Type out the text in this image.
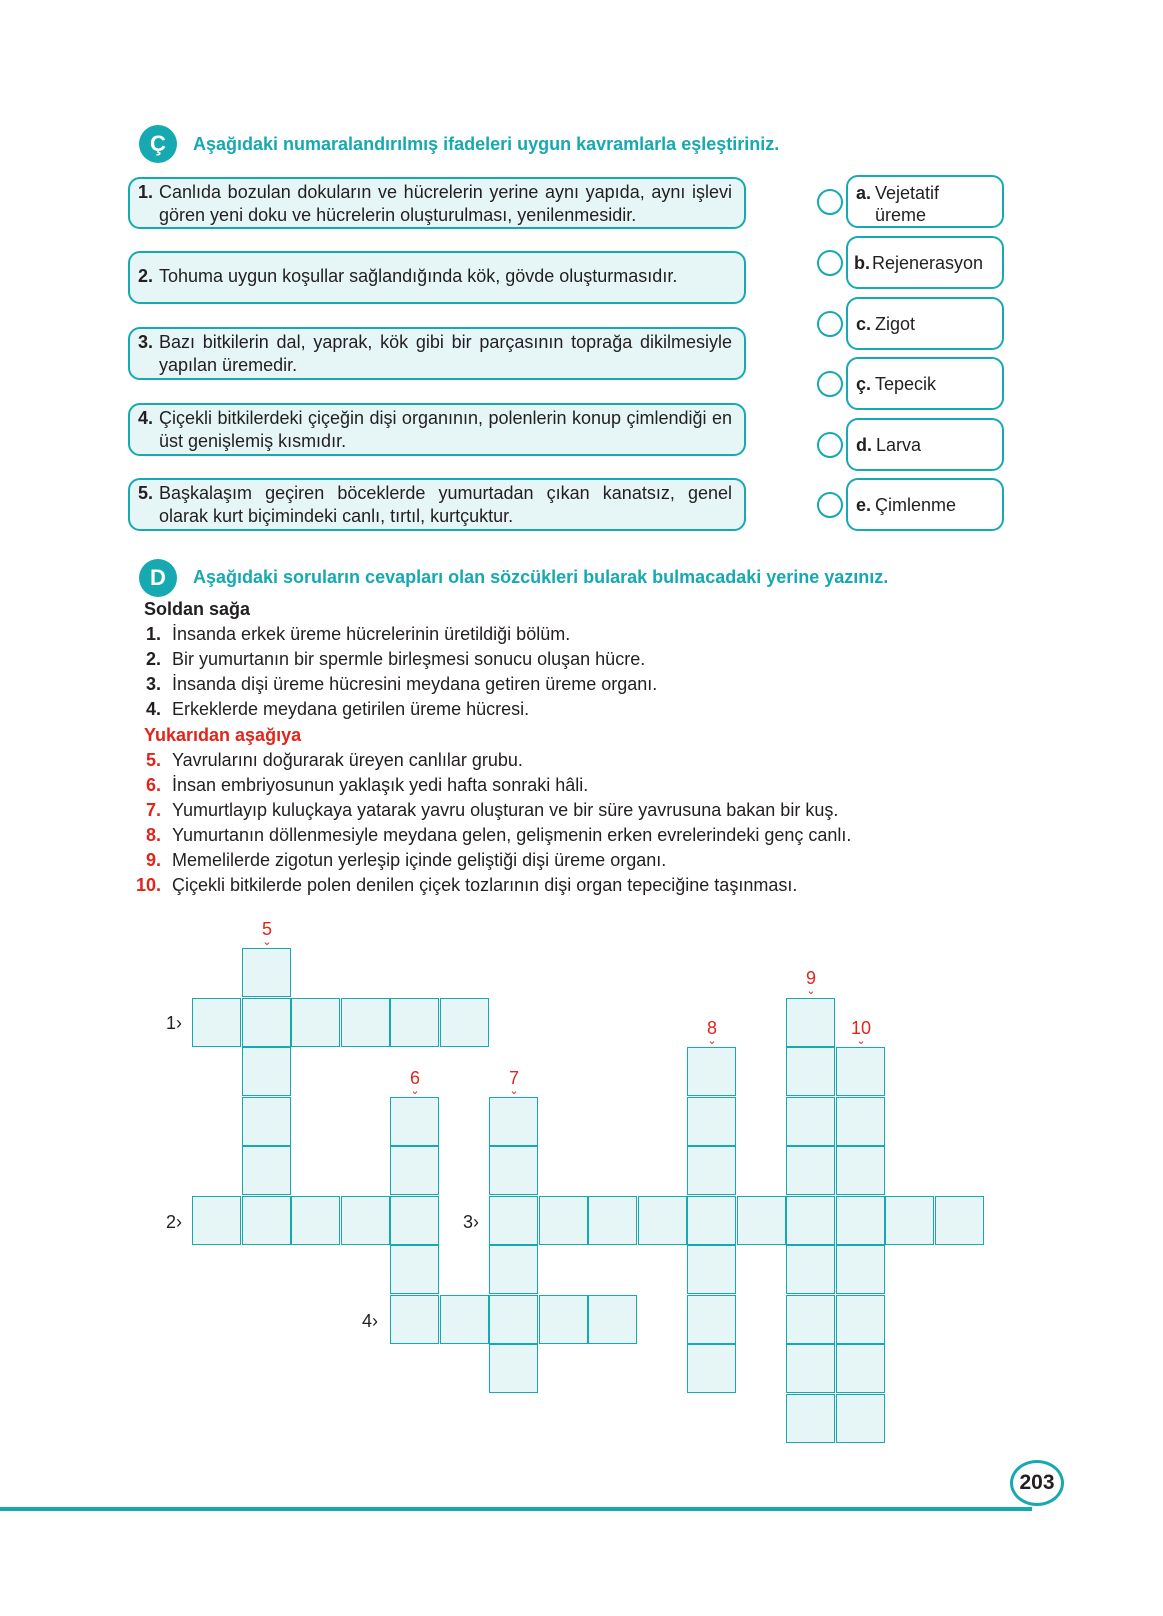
Ç	Aşağıdaki numaralandırılmış ifadeleri uygun kavramlarla eşleştiriniz.
1. Canlıda bozulan dokuların ve hücrelerin yerine aynı yapıda, aynı işlevi gören yeni doku ve hücrelerin oluşturulması, yenilenmesidir.
2. Tohuma uygun koşullar sağlandığında kök, gövde oluşturmasıdır.
3. Bazı bitkilerin dal, yaprak, kök gibi bir parçasının toprağa dikilmesiyle yapılan üremedir.
4. Çiçekli bitkilerdeki çiçeğin dişi organının, polenlerin konup çimlendiği en üst genişlemiş kısmıdır.
5. Başkalaşım geçiren böceklerde yumurtadan çıkan kanatsız, genel olarak kurt biçimindeki canlı, tırtıl, kurtçuktur.
a. Vejetatif üreme
b. Rejenerasyon
c. Zigot
ç. Tepecik
d. Larva
e. Çimlenme
D	Aşağıdaki soruların cevapları olan sözcükleri bularak bulmacadaki yerine yazınız.
Soldan sağa
1. İnsanda erkek üreme hücrelerinin üretildiği bölüm.
2. Bir yumurtanın bir spermle birleşmesi sonucu oluşan hücre.
3. İnsanda dişi üreme hücresini meydana getiren üreme organı.
4. Erkeklerde meydana getirilen üreme hücresi.
Yukarıdan aşağıya
5. Yavrularını doğurarak üreyen canlılar grubu.
6. İnsan embriyosunun yaklaşık yedi hafta sonraki hâli.
7. Yumurtlayıp kuluçkaya yatarak yavru oluşturan ve bir süre yavrusuna bakan bir kuş.
8. Yumurtanın döllenmesiyle meydana gelen, gelişmenin erken evrelerindeki genç canlı.
9. Memelilerde zigotun yerleşip içinde geliştiği dişi üreme organı.
10. Çiçekli bitkilerde polen denilen çiçek tozlarının dişi organ tepeciğine taşınması.
1›
2›	3›
4›
5
⌄
6
⌄
7
⌄
8
⌄
9
⌄
10
⌄
203
